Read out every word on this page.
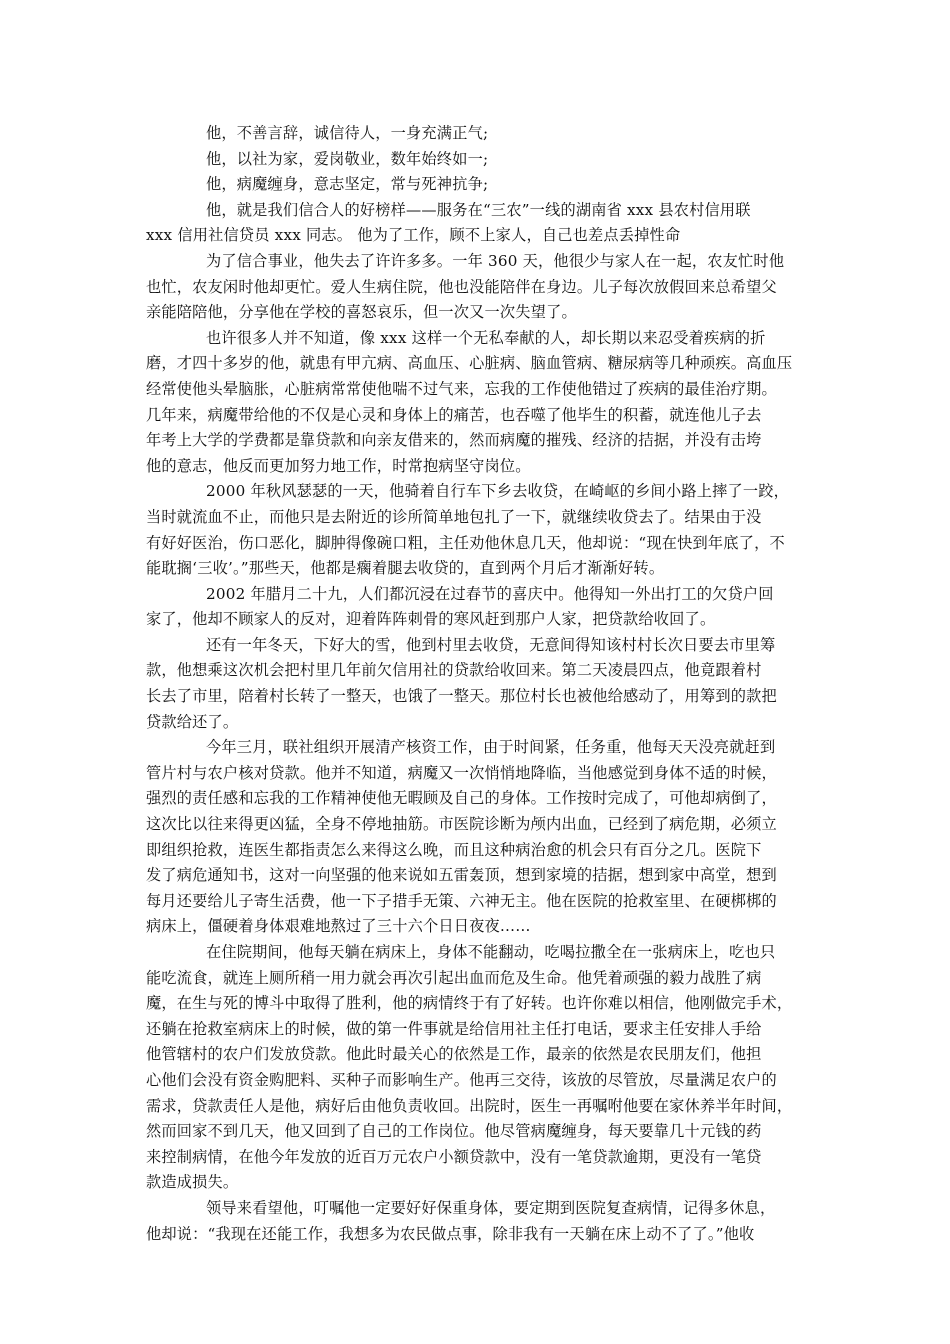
他，不善言辞，诚信待人，一身充满正气;
他，以社为家，爱岗敬业，数年始终如一;
他，病魔缠身，意志坚定，常与死神抗争;
他，就是我们信合人的好榜样——服务在“三农”一线的湖南省 xxx 县农村信用联
xxx 信用社信贷员 xxx 同志。 他为了工作，顾不上家人，自己也差点丢掉性命
为了信合事业，他失去了许许多多。一年 360 天，他很少与家人在一起，农友忙时他
也忙，农友闲时他却更忙。爱人生病住院，他也没能陪伴在身边。儿子每次放假回来总希望父
亲能陪陪他，分享他在学校的喜怒哀乐，但一次又一次失望了。
也许很多人并不知道，像 xxx 这样一个无私奉献的人，却长期以来忍受着疾病的折
磨，才四十多岁的他，就患有甲亢病、高血压、心脏病、脑血管病、糖尿病等几种顽疾。高血压
经常使他头晕脑胀，心脏病常常使他喘不过气来，忘我的工作使他错过了疾病的最佳治疗期。
几年来，病魔带给他的不仅是心灵和身体上的痛苦，也吞噬了他毕生的积蓄，就连他儿子去
年考上大学的学费都是靠贷款和向亲友借来的，然而病魔的摧残、经济的拮据，并没有击垮
他的意志，他反而更加努力地工作，时常抱病坚守岗位。
2000 年秋风瑟瑟的一天，他骑着自行车下乡去收贷，在崎岖的乡间小路上摔了一跤，
当时就流血不止，而他只是去附近的诊所简单地包扎了一下，就继续收贷去了。结果由于没
有好好医治，伤口恶化，脚肿得像碗口粗，主任劝他休息几天，他却说：“现在快到年底了，不
能耽搁‘三收’。”那些天，他都是瘸着腿去收贷的，直到两个月后才渐渐好转。
2002 年腊月二十九，人们都沉浸在过春节的喜庆中。他得知一外出打工的欠贷户回
家了，他却不顾家人的反对，迎着阵阵刺骨的寒风赶到那户人家，把贷款给收回了。
还有一年冬天，下好大的雪，他到村里去收贷，无意间得知该村村长次日要去市里筹
款，他想乘这次机会把村里几年前欠信用社的贷款给收回来。第二天凌晨四点，他竟跟着村
长去了市里，陪着村长转了一整天，也饿了一整天。那位村长也被他给感动了，用筹到的款把
贷款给还了。
今年三月，联社组织开展清产核资工作，由于时间紧，任务重，他每天天没亮就赶到
管片村与农户核对贷款。他并不知道，病魔又一次悄悄地降临，当他感觉到身体不适的时候，
强烈的责任感和忘我的工作精神使他无暇顾及自己的身体。工作按时完成了，可他却病倒了，
这次比以往来得更凶猛，全身不停地抽筋。市医院诊断为颅内出血，已经到了病危期，必须立
即组织抢救，连医生都指责怎么来得这么晚，而且这种病治愈的机会只有百分之几。医院下
发了病危通知书，这对一向坚强的他来说如五雷轰顶，想到家境的拮据，想到家中高堂，想到
每月还要给儿子寄生活费，他一下子措手无策、六神无主。他在医院的抢救室里、在硬梆梆的
病床上，僵硬着身体艰难地熬过了三十六个日日夜夜……
在住院期间，他每天躺在病床上，身体不能翻动，吃喝拉撒全在一张病床上，吃也只
能吃流食，就连上厕所稍一用力就会再次引起出血而危及生命。他凭着顽强的毅力战胜了病
魔，在生与死的博斗中取得了胜利，他的病情终于有了好转。也许你难以相信，他刚做完手术，
还躺在抢救室病床上的时候，做的第一件事就是给信用社主任打电话，要求主任安排人手给
他管辖村的农户们发放贷款。他此时最关心的依然是工作，最亲的依然是农民朋友们，他担
心他们会没有资金购肥料、买种子而影响生产。他再三交待，该放的尽管放，尽量满足农户的
需求，贷款责任人是他，病好后由他负责收回。出院时，医生一再嘱咐他要在家休养半年时间，
然而回家不到几天，他又回到了自己的工作岗位。他尽管病魔缠身，每天要靠几十元钱的药
来控制病情，在他今年发放的近百万元农户小额贷款中，没有一笔贷款逾期，更没有一笔贷
款造成损失。
领导来看望他，叮嘱他一定要好好保重身体，要定期到医院复查病情，记得多休息，
他却说：“我现在还能工作，我想多为农民做点事，除非我有一天躺在床上动不了了。”他收
